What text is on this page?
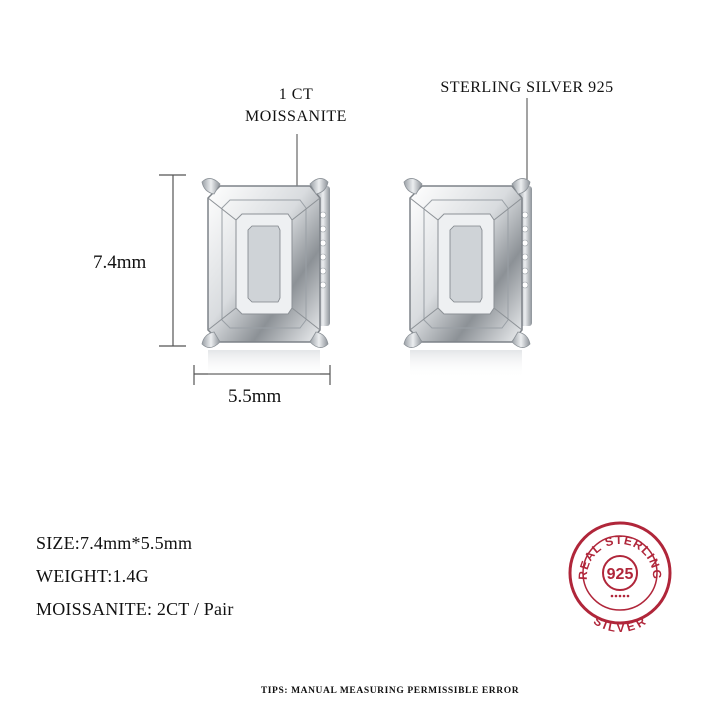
1 CT
MOISSANITE
STERLING SILVER 925
7.4mm
5.5mm
REAL STERLING
SILVER
925
SIZE:7.4mm*5.5mm
WEIGHT:1.4G
MOISSANITE: 2CT / Pair
TIPS: MANUAL MEASURING PERMISSIBLE ERROR
